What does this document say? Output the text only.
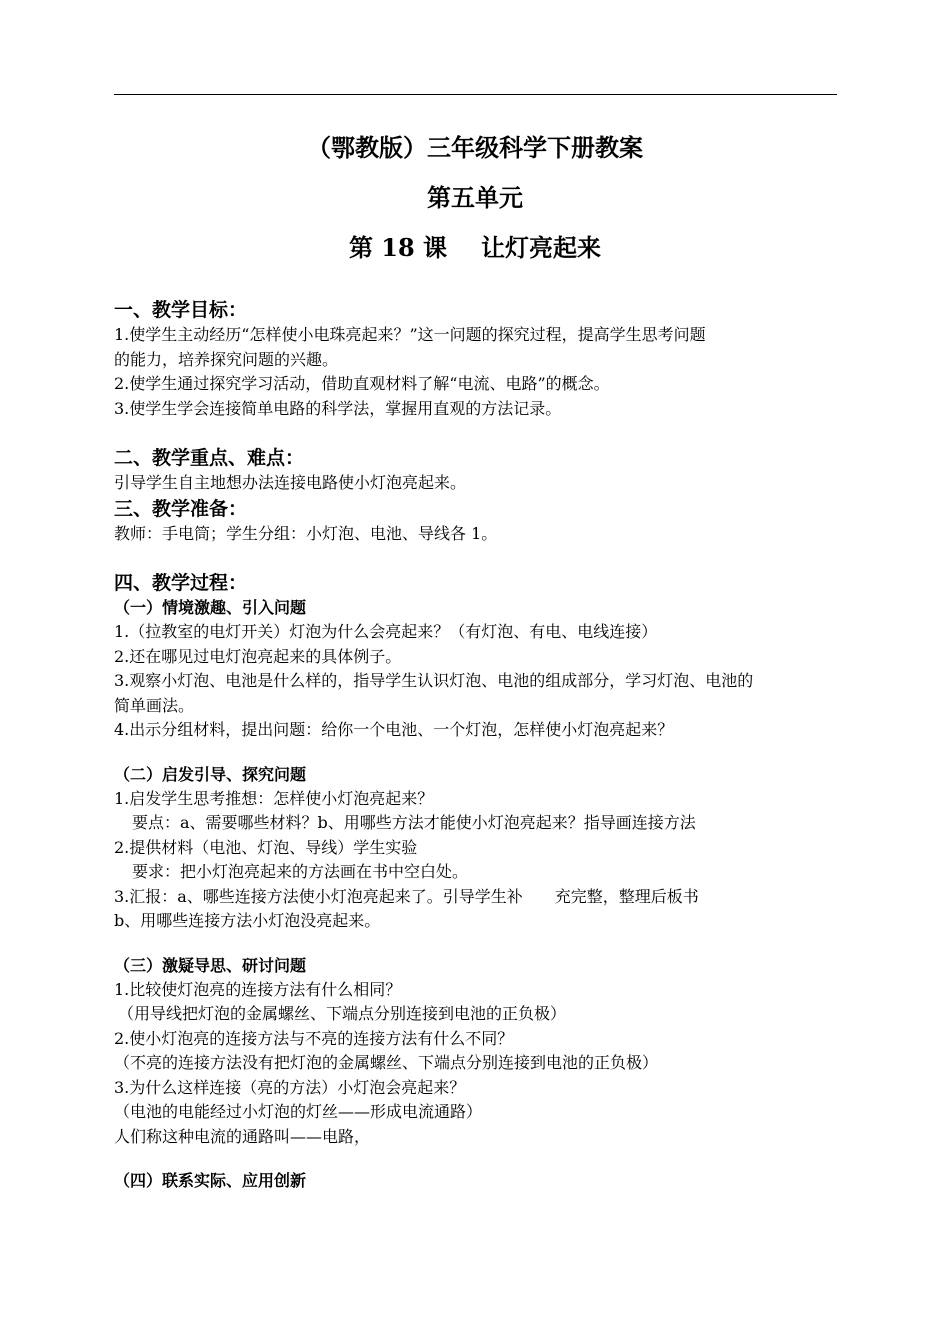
（鄂教版）三年级科学下册教案
第五单元
第 18 课 让灯亮起来
一、教学目标：
1.使学生主动经历“怎样使小电珠亮起来？”这一问题的探究过程，提高学生思考问题
的能力，培养探究问题的兴趣。
2.使学生通过探究学习活动，借助直观材料了解“电流、电路”的概念。
3.使学生学会连接简单电路的科学法，掌握用直观的方法记录。
二、教学重点、难点：
引导学生自主地想办法连接电路使小灯泡亮起来。
三、教学准备：
教师：手电筒；学生分组：小灯泡、电池、导线各 1。
四、教学过程：
（一）情境激趣、引入问题
1.（拉教室的电灯开关）灯泡为什么会亮起来？（有灯泡、有电、电线连接）
2.还在哪见过电灯泡亮起来的具体例子。
3.观察小灯泡、电池是什么样的，指导学生认识灯泡、电池的组成部分，学习灯泡、电池的
简单画法。
4.出示分组材料，提出问题：给你一个电池、一个灯泡，怎样使小灯泡亮起来？
（二）启发引导、探究问题
1.启发学生思考推想：怎样使小灯泡亮起来？
要点：a、需要哪些材料？b、用哪些方法才能使小灯泡亮起来？指导画连接方法
2.提供材料（电池、灯泡、导线）学生实验
要求：把小灯泡亮起来的方法画在书中空白处。
3.汇报：a、哪些连接方法使小灯泡亮起来了。引导学生补　　充完整，整理后板书
b、用哪些连接方法小灯泡没亮起来。
（三）激疑导思、研讨问题
1.比较使灯泡亮的连接方法有什么相同？
（用导线把灯泡的金属螺丝、下端点分别连接到电池的正负极）
2.使小灯泡亮的连接方法与不亮的连接方法有什么不同？
（不亮的连接方法没有把灯泡的金属螺丝、下端点分别连接到电池的正负极）
3.为什么这样连接（亮的方法）小灯泡会亮起来？
（电池的电能经过小灯泡的灯丝——形成电流通路）
人们称这种电流的通路叫——电路，
（四）联系实际、应用创新
